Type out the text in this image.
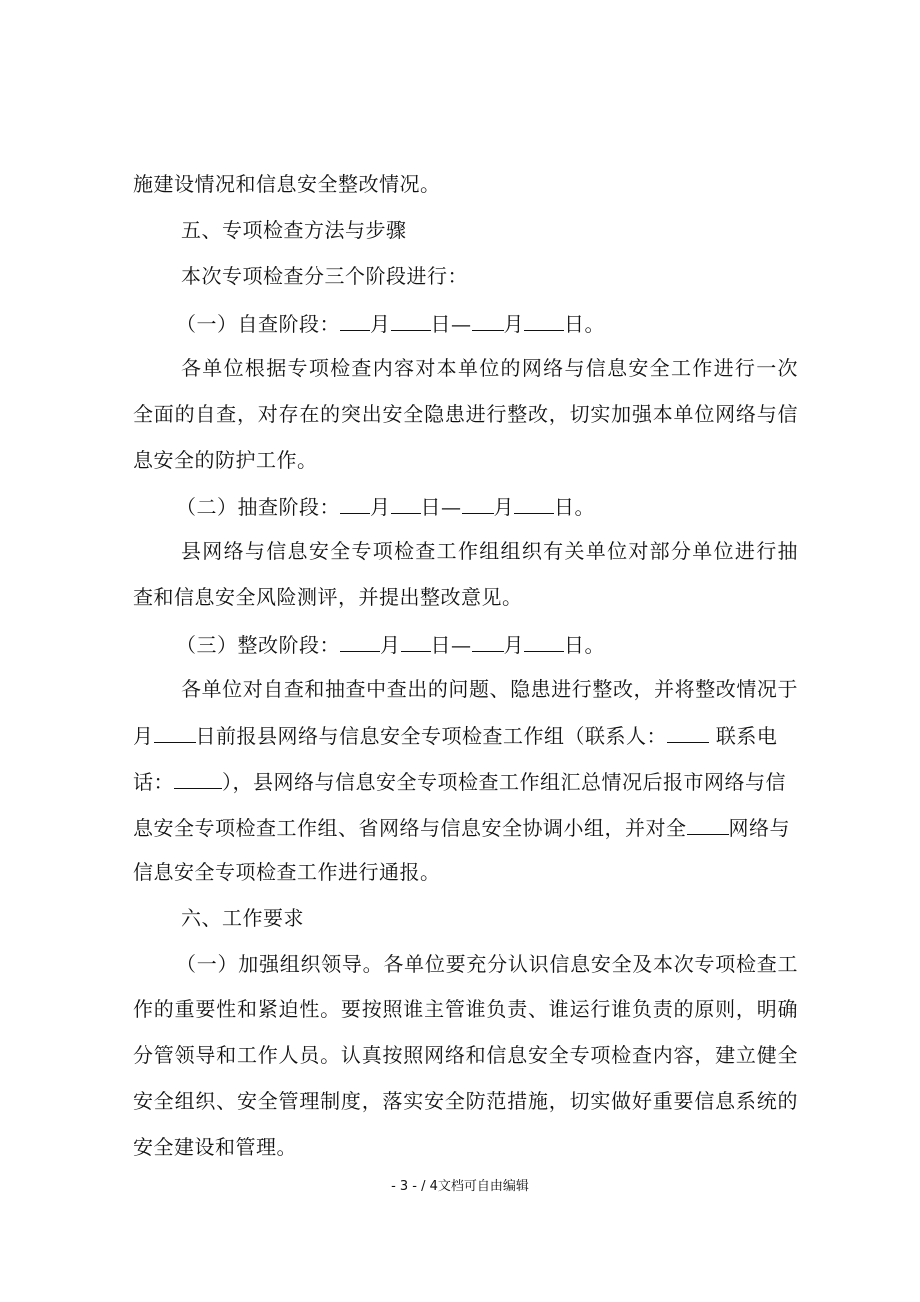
施建设情况和信息安全整改情况。
五、专项检查方法与步骤
本次专项检查分三个阶段进行：
（一）自查阶段： 月 日— 月 日。
各单位根据专项检查内容对本单位的网络与信息安全工作进行一次
全面的自查，对存在的突出安全隐患进行整改，切实加强本单位网络与信
息安全的防护工作。
（二）抽查阶段： 月 日— 月 日。
县网络与信息安全专项检查工作组组织有关单位对部分单位进行抽
查和信息安全风险测评，并提出整改意见。
（三）整改阶段： 月 日— 月 日。
各单位对自查和抽查中查出的问题、隐患进行整改，并将整改情况于
月 日前报县网络与信息安全专项检查工作组（联系人： 联系电
话： ），县网络与信息安全专项检查工作组汇总情况后报市网络与信
息安全专项检查工作组、省网络与信息安全协调小组，并对全 网络与
信息安全专项检查工作进行通报。
六、工作要求
（一）加强组织领导。各单位要充分认识信息安全及本次专项检查工
作的重要性和紧迫性。要按照谁主管谁负责、谁运行谁负责的原则，明确
分管领导和工作人员。认真按照网络和信息安全专项检查内容，建立健全
安全组织、安全管理制度，落实安全防范措施，切实做好重要信息系统的
安全建设和管理。
- 3 - / 4文档可自由编辑
